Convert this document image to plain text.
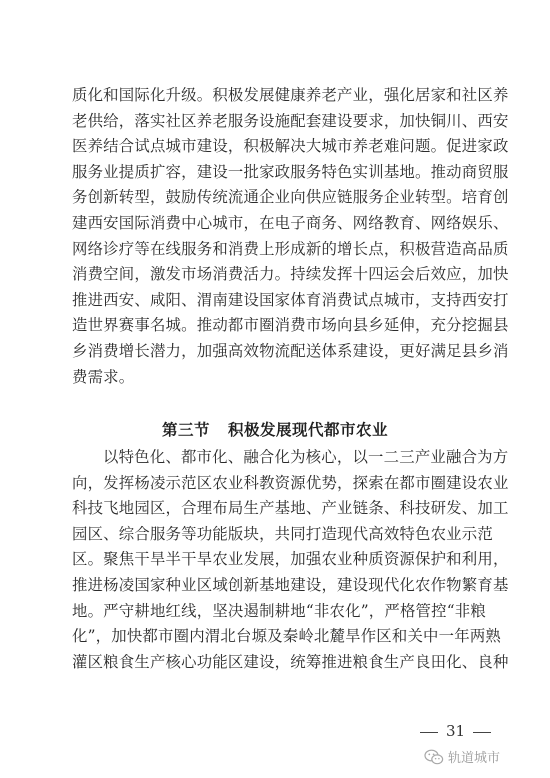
质化和国际化升级。积极发展健康养老产业，强化居家和社区养
老供给，落实社区养老服务设施配套建设要求，加快铜川、西安
医养结合试点城市建设，积极解决大城市养老难问题。促进家政
服务业提质扩容，建设一批家政服务特色实训基地。推动商贸服
务创新转型，鼓励传统流通企业向供应链服务企业转型。培育创
建西安国际消费中心城市，在电子商务、网络教育、网络娱乐、
网络诊疗等在线服务和消费上形成新的增长点，积极营造高品质
消费空间，激发市场消费活力。持续发挥十四运会后效应，加快
推进西安、咸阳、渭南建设国家体育消费试点城市，支持西安打
造世界赛事名城。推动都市圈消费市场向县乡延伸，充分挖掘县
乡消费增长潜力，加强高效物流配送体系建设，更好满足县乡消
费需求。
第三节 积极发展现代都市农业
以特色化、都市化、融合化为核心，以一二三产业融合为方
向，发挥杨凌示范区农业科教资源优势，探索在都市圈建设农业
科技飞地园区，合理布局生产基地、产业链条、科技研发、加工
园区、综合服务等功能版块，共同打造现代高效特色农业示范
区。聚焦干旱半干旱农业发展，加强农业种质资源保护和利用，
推进杨凌国家种业区域创新基地建设，建设现代化农作物繁育基
地。严守耕地红线，坚决遏制耕地“非农化”，严格管控“非粮
化”，加快都市圈内渭北台塬及秦岭北麓旱作区和关中一年两熟
灌区粮食生产核心功能区建设，统筹推进粮食生产良田化、良种
31
轨道城市
